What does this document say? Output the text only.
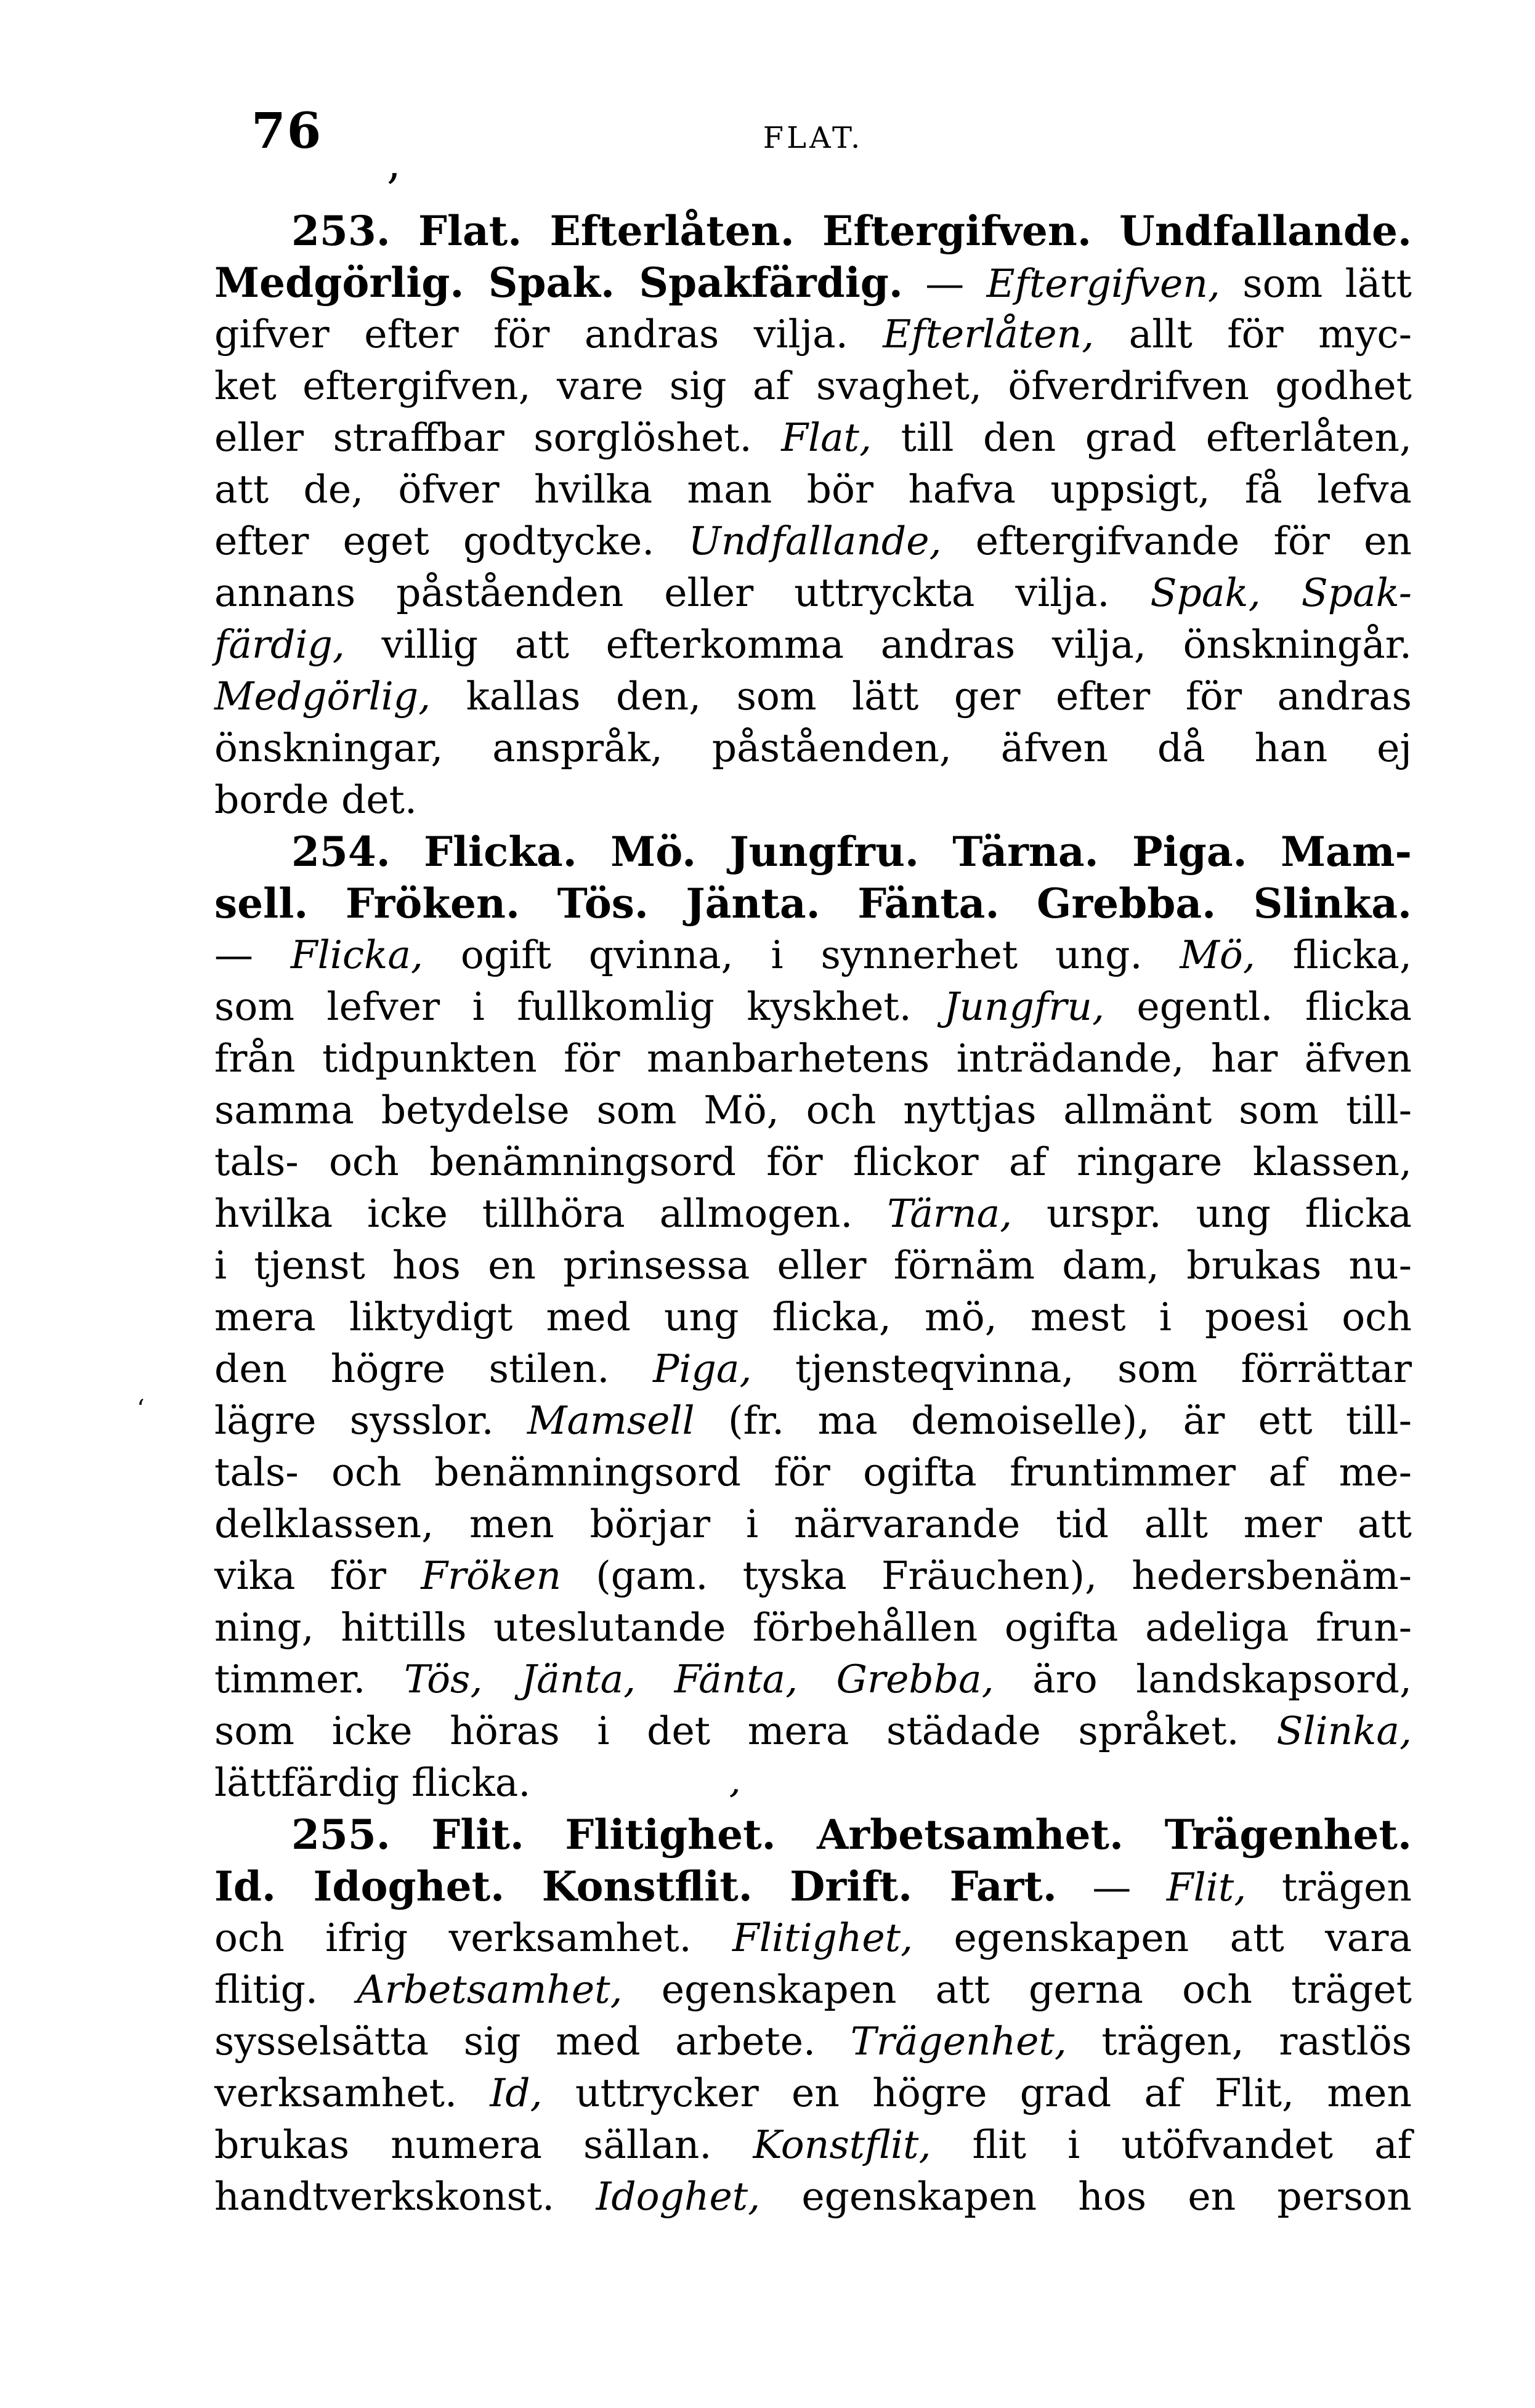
76	FLAT.
,
‘
,
253. Flat. Efterlåten. Eftergifven. Undfallande.
Medgörlig. Spak. Spakfärdig. — Eftergifven, som lätt
gifver efter för andras vilja. Efterlåten, allt för myc-
ket eftergifven, vare sig af svaghet, öfverdrifven godhet
eller straffbar sorglöshet. Flat, till den grad efterlåten,
att de, öfver hvilka man bör hafva uppsigt, få lefva
efter eget godtycke. Undfallande, eftergifvande för en
annans påståenden eller uttryckta vilja. Spak, Spak-
färdig, villig att efterkomma andras vilja, önskningår.
Medgörlig, kallas den, som lätt ger efter för andras
önskningar, anspråk, påståenden, äfven då han ej
borde det.
254. Flicka. Mö. Jungfru. Tärna. Piga. Mam-
sell. Fröken. Tös. Jänta. Fänta. Grebba. Slinka.
— Flicka, ogift qvinna, i synnerhet ung. Mö, flicka,
som lefver i fullkomlig kyskhet. Jungfru, egentl. flicka
från tidpunkten för manbarhetens inträdande, har äfven
samma betydelse som Mö, och nyttjas allmänt som till-
tals- och benämningsord för flickor af ringare klassen,
hvilka icke tillhöra allmogen. Tärna, urspr. ung flicka
i tjenst hos en prinsessa eller förnäm dam, brukas nu-
mera liktydigt med ung flicka, mö, mest i poesi och
den högre stilen. Piga, tjensteqvinna, som förrättar
lägre sysslor. Mamsell (fr. ma demoiselle), är ett till-
tals- och benämningsord för ogifta fruntimmer af me-
delklassen, men börjar i närvarande tid allt mer att
vika för Fröken (gam. tyska Fräuchen), hedersbenäm-
ning, hittills uteslutande förbehållen ogifta adeliga frun-
timmer. Tös, Jänta, Fänta, Grebba, äro landskapsord,
som icke höras i det mera städade språket. Slinka,
lättfärdig flicka.
255. Flit. Flitighet. Arbetsamhet. Trägenhet.
Id. Idoghet. Konstflit. Drift. Fart. — Flit, trägen
och ifrig verksamhet. Flitighet, egenskapen att vara
flitig. Arbetsamhet, egenskapen att gerna och träget
sysselsätta sig med arbete. Trägenhet, trägen, rastlös
verksamhet. Id, uttrycker en högre grad af Flit, men
brukas numera sällan. Konstflit, flit i utöfvandet af
handtverkskonst. Idoghet, egenskapen hos en person
